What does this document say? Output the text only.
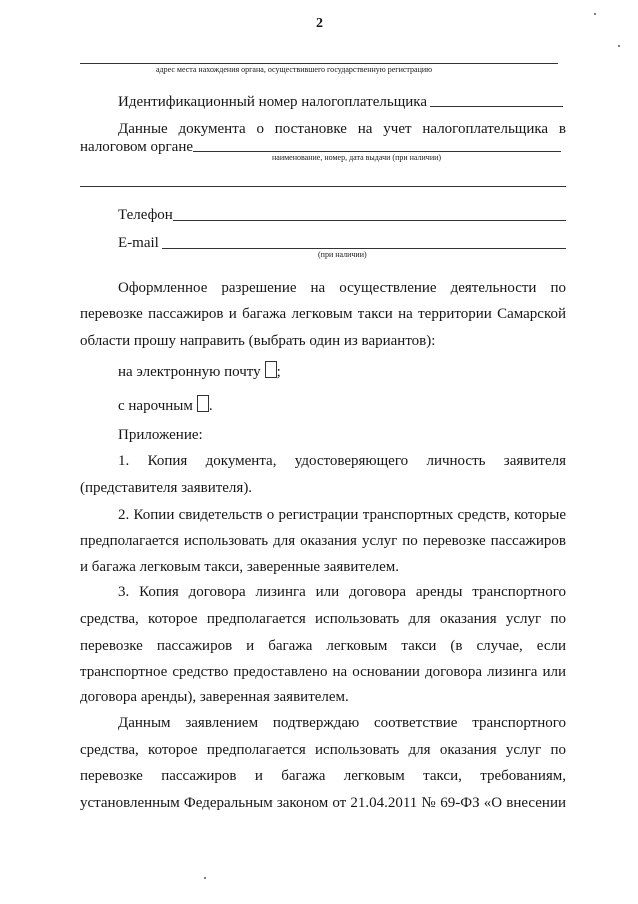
2
адрес места нахождения органа, осуществившего государственную регистрацию
Идентификационный номер налогоплательщика
Данные документа о постановке на учет налогоплательщика в
налоговом органе
наименование, номер, дата выдачи (при наличии)
Телефон
E-mail
(при наличии)
Оформленное разрешение на осуществление деятельности по
перевозке пассажиров и багажа легковым такси на территории Самарской
области прошу направить (выбрать один из вариантов):
на электронную почту ;
с нарочным .
Приложение:
1. Копия документа, удостоверяющего личность заявителя
(представителя заявителя).
2. Копии свидетельств о регистрации транспортных средств, которые
предполагается использовать для оказания услуг по перевозке пассажиров
и багажа легковым такси, заверенные заявителем.
3. Копия договора лизинга или договора аренды транспортного
средства, которое предполагается использовать для оказания услуг по
перевозке пассажиров и багажа легковым такси (в случае, если
транспортное средство предоставлено на основании договора лизинга или
договора аренды), заверенная заявителем.
Данным заявлением подтверждаю соответствие транспортного
средства, которое предполагается использовать для оказания услуг по
перевозке пассажиров и багажа легковым такси, требованиям,
установленным Федеральным законом от 21.04.2011 № 69-ФЗ «О внесении
